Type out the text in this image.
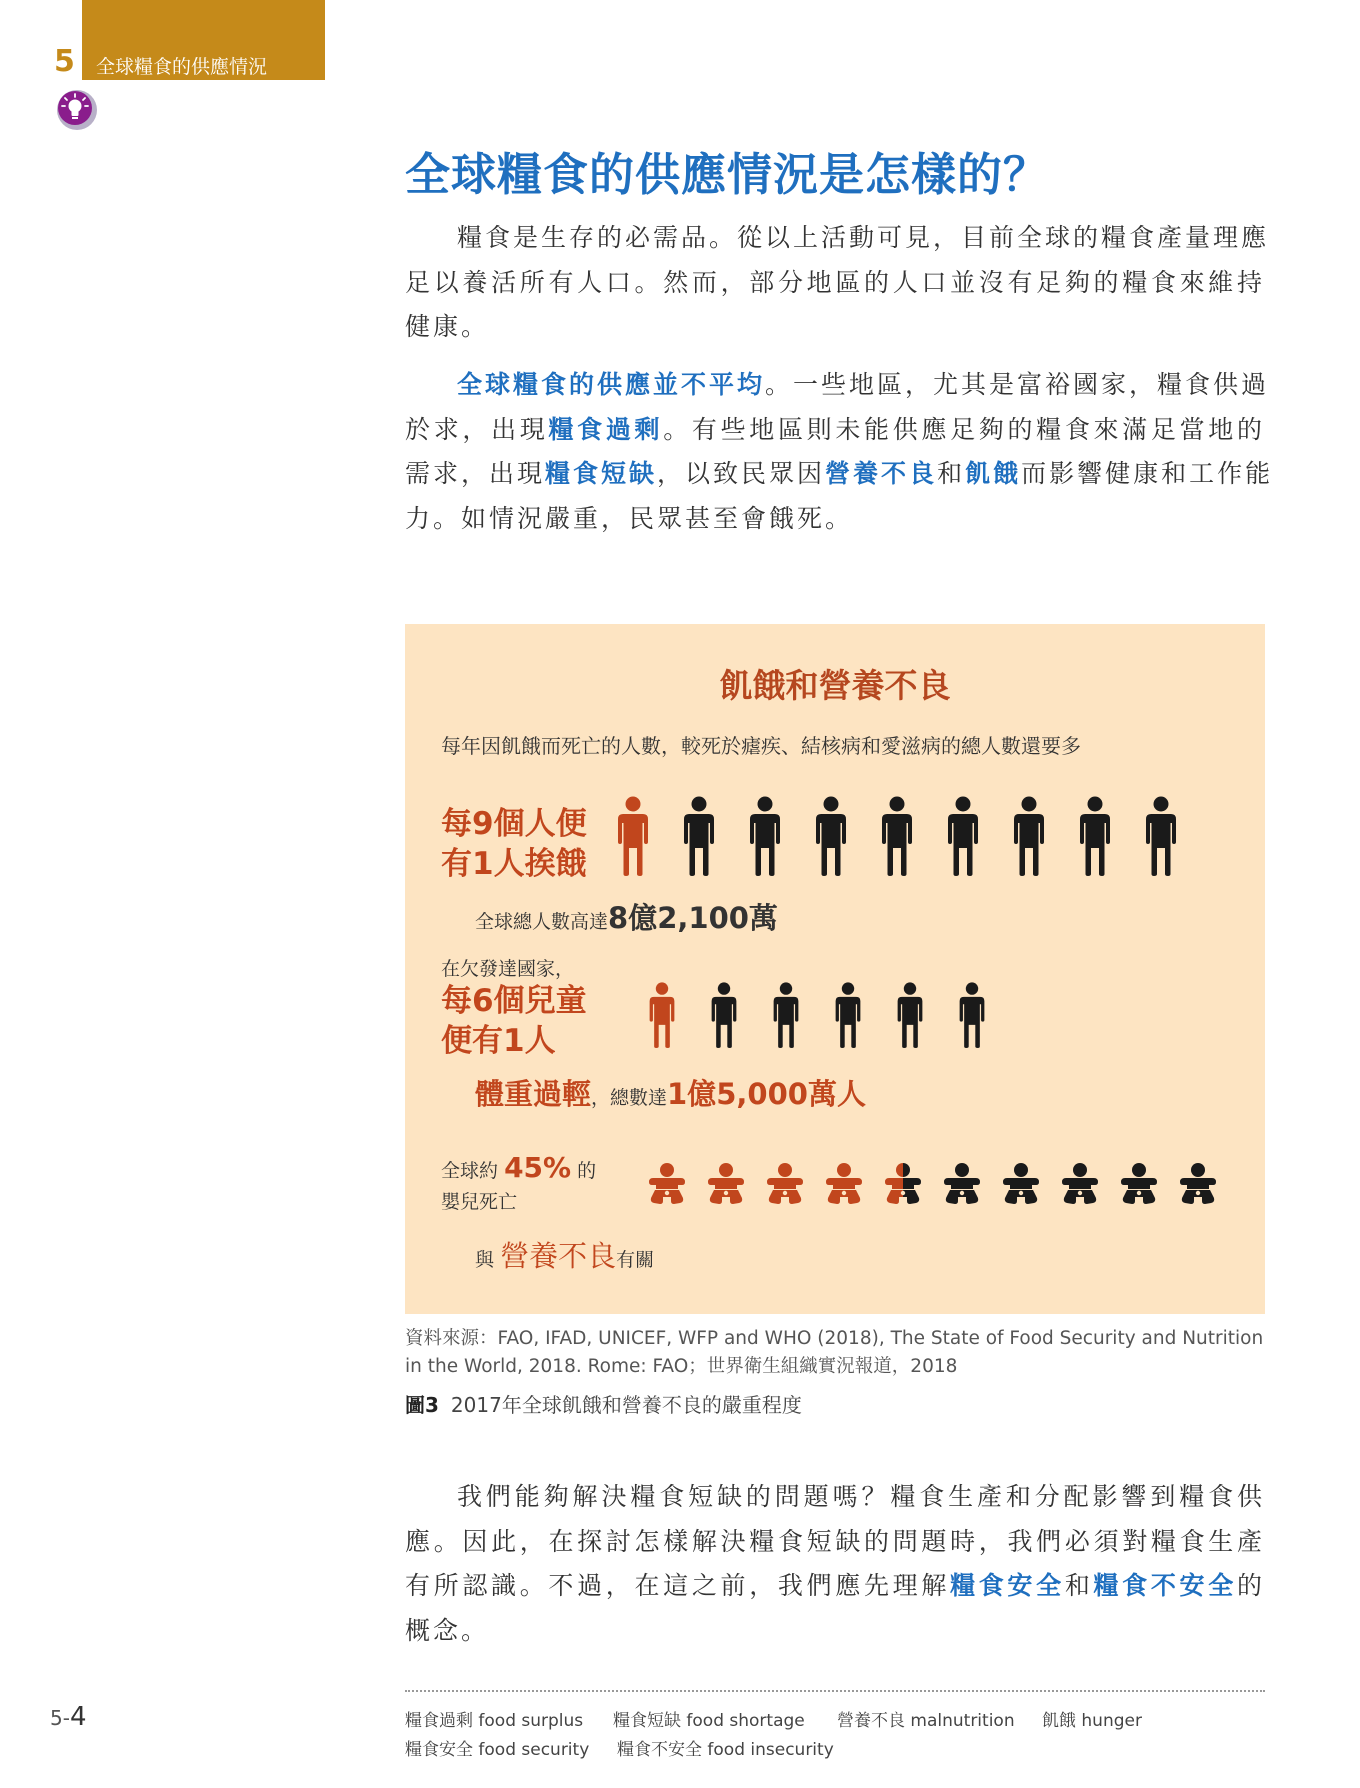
5 全球糧食的供應情況
全球糧食的供應情況是怎樣的？
糧食是生存的必需品。從以上活動可見，目前全球的糧食產量理應
足以養活所有人口。然而，部分地區的人口並沒有足夠的糧食來維持
健康。
全球糧食的供應並不平均。一些地區，尤其是富裕國家，糧食供過
於求，出現糧食過剩。有些地區則未能供應足夠的糧食來滿足當地的
需求，出現糧食短缺，以致民眾因營養不良和飢餓而影響健康和工作能
力。如情況嚴重，民眾甚至會餓死。
飢餓和營養不良
每年因飢餓而死亡的人數，較死於瘧疾、結核病和愛滋病的總人數還要多
每9個人便
有1人挨餓
全球總人數高達8億2,100萬
在欠發達國家，
每6個兒童
便有1人
體重過輕，總數達1億5,000萬人
全球約 45% 的
嬰兒死亡
與 營養不良有關
資料來源：FAO, IFAD, UNICEF, WFP and WHO (2018), The State of Food Security and Nutrition in the World, 2018. Rome: FAO；世界衛生組織實況報道，2018
圖3 2017年全球飢餓和營養不良的嚴重程度
我們能夠解決糧食短缺的問題嗎？糧食生產和分配影響到糧食供
應。因此，在探討怎樣解決糧食短缺的問題時，我們必須對糧食生產
有所認識。不過，在這之前，我們應先理解糧食安全和糧食不安全的
概念。
糧食過剩 food surplus 糧食短缺 food shortage 營養不良 malnutrition 飢餓 hunger
糧食安全 food security 糧食不安全 food insecurity
5-4
